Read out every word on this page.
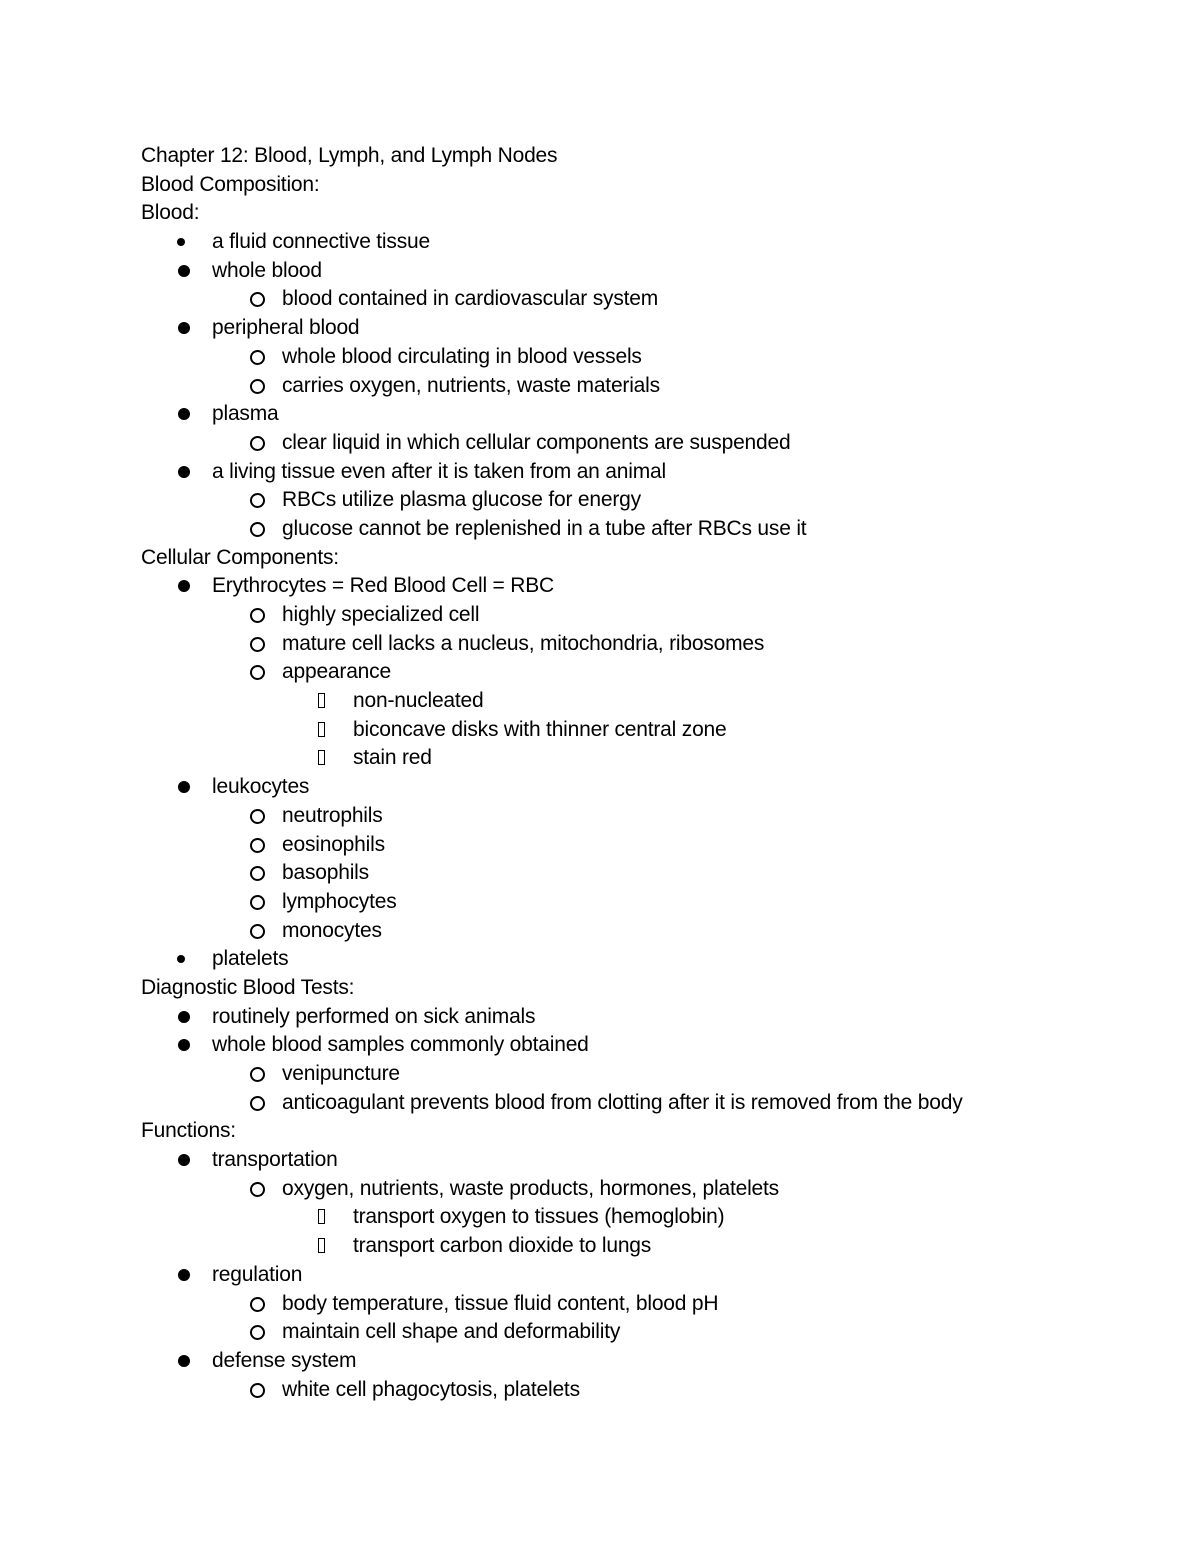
Chapter 12: Blood, Lymph, and Lymph Nodes
Blood Composition:
Blood:
a fluid connective tissue
whole blood
blood contained in cardiovascular system
peripheral blood
whole blood circulating in blood vessels
carries oxygen, nutrients, waste materials
plasma
clear liquid in which cellular components are suspended
a living tissue even after it is taken from an animal
RBCs utilize plasma glucose for energy
glucose cannot be replenished in a tube after RBCs use it
Cellular Components:
Erythrocytes = Red Blood Cell = RBC
highly specialized cell
mature cell lacks a nucleus, mitochondria, ribosomes
appearance
non-nucleated
biconcave disks with thinner central zone
stain red
leukocytes
neutrophils
eosinophils
basophils
lymphocytes
monocytes
platelets
Diagnostic Blood Tests:
routinely performed on sick animals
whole blood samples commonly obtained
venipuncture
anticoagulant prevents blood from clotting after it is removed from the body
Functions:
transportation
oxygen, nutrients, waste products, hormones, platelets
transport oxygen to tissues (hemoglobin)
transport carbon dioxide to lungs
regulation
body temperature, tissue fluid content, blood pH
maintain cell shape and deformability
defense system
white cell phagocytosis, platelets
